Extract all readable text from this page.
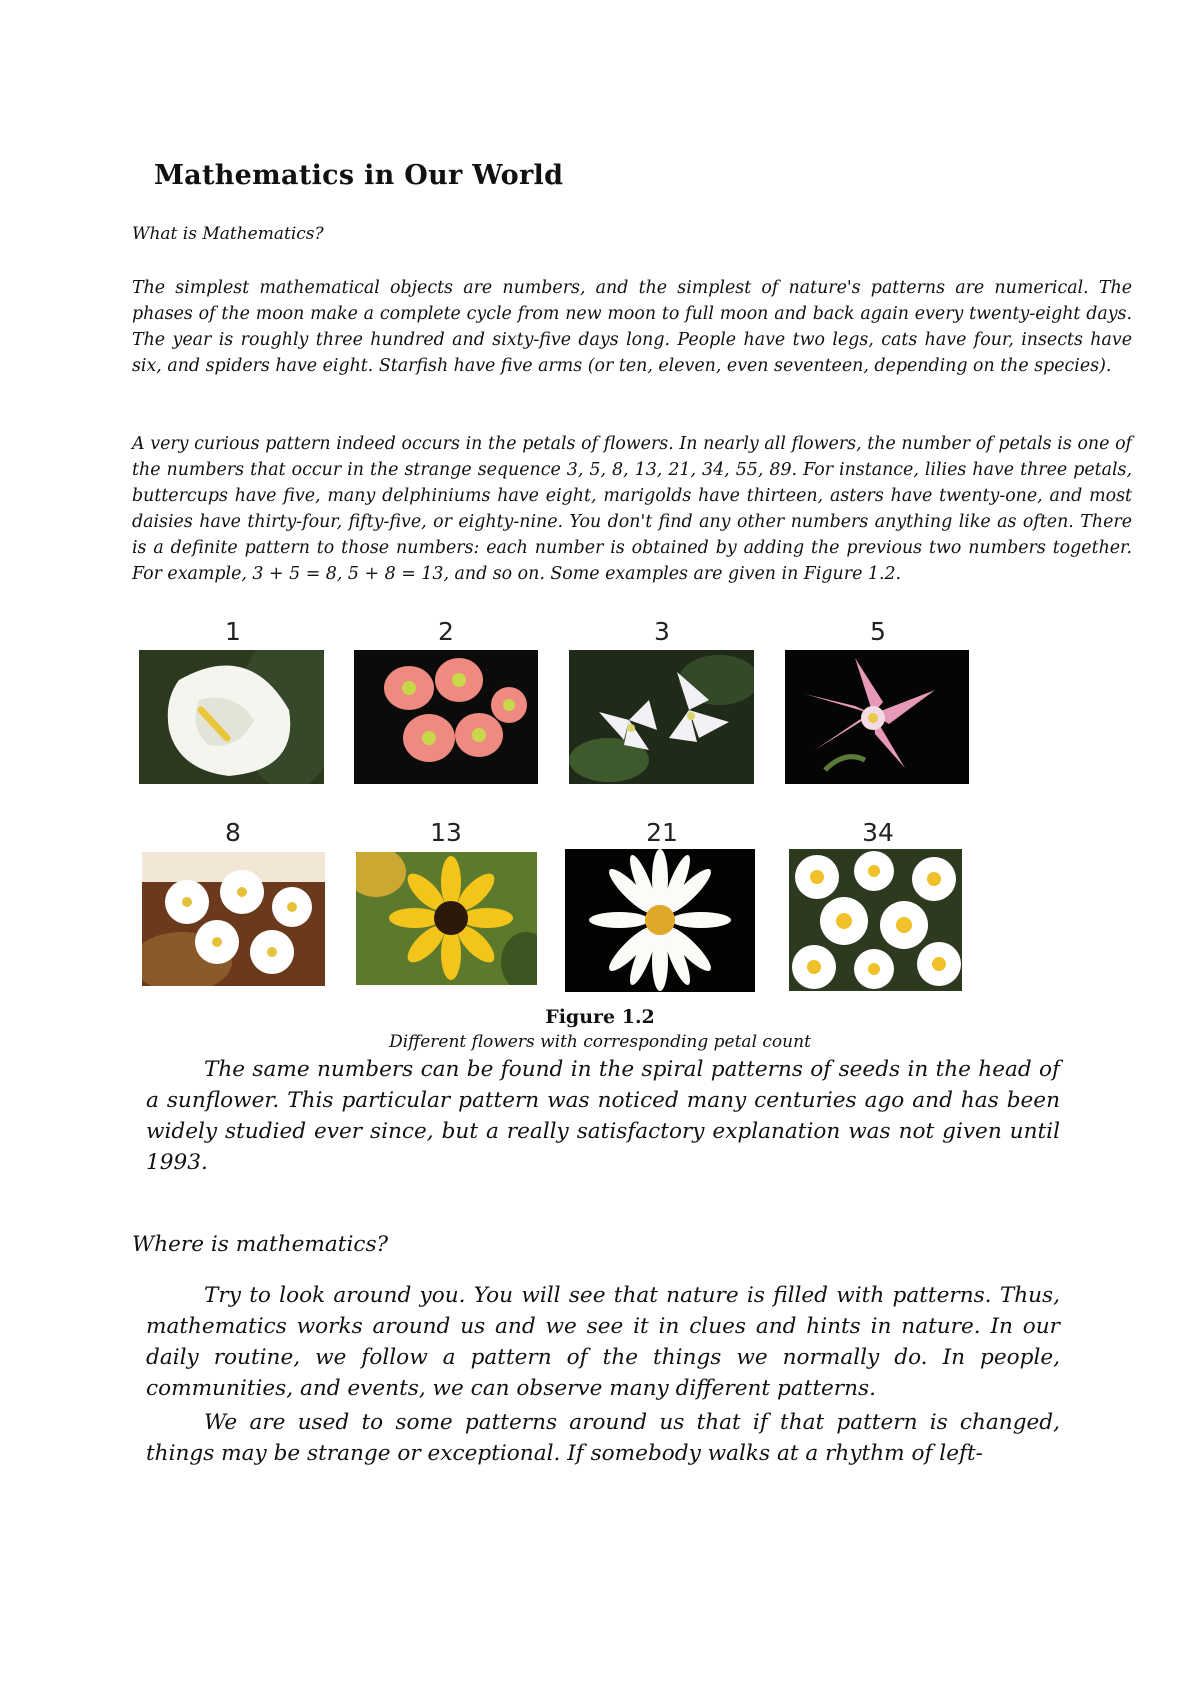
Mathematics in Our World
What is Mathematics?

The simplest mathematical objects are numbers, and the simplest of nature's patterns are numerical. The phases of the moon make a complete cycle from new moon to full moon and back again every twenty-eight days. The year is roughly three hundred and sixty-five days long. People have two legs, cats have four, insects have six, and spiders have eight. Starfish have five arms (or ten, eleven, even seventeen, depending on the species).

A very curious pattern indeed occurs in the petals of flowers. In nearly all flowers, the number of petals is one of the numbers that occur in the strange sequence 3, 5, 8, 13, 21, 34, 55, 89. For instance, lilies have three petals, buttercups have five, many delphiniums have eight, marigolds have thirteen, asters have twenty-one, and most daisies have thirty-four, fifty-five, or eighty-nine. You don't find any other numbers anything like as often. There is a definite pattern to those numbers: each number is obtained by adding the previous two numbers together. For example, 3 + 5 = 8, 5 + 8 = 13, and so on. Some examples are given in Figure 1.2.

1	2	3	5
8	13	21	34
Figure 1.2
Different flowers with corresponding petal count

The same numbers can be found in the spiral patterns of seeds in the head of a sunflower. This particular pattern was noticed many centuries ago and has been widely studied ever since, but a really satisfactory explanation was not given until 1993.

Where is mathematics?

Try to look around you. You will see that nature is filled with patterns. Thus, mathematics works around us and we see it in clues and hints in nature. In our daily routine, we follow a pattern of the things we normally do. In people, communities, and events, we can observe many different patterns.

We are used to some patterns around us that if that pattern is changed, things may be strange or exceptional. If somebody walks at a rhythm of left-
